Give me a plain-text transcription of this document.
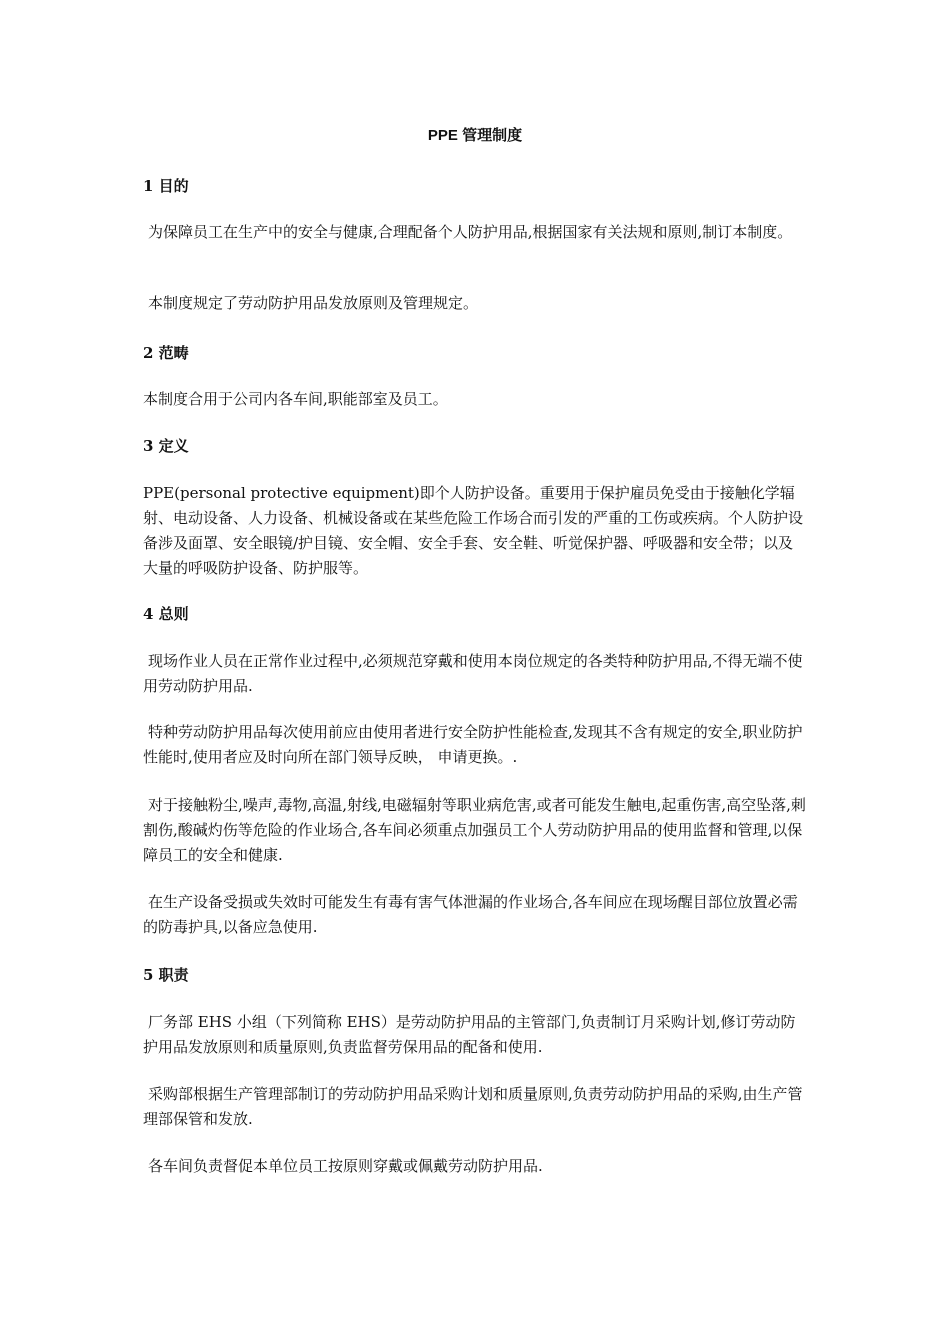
PPE 管理制度
1 目的
为保障员工在生产中的安全与健康,合理配备个人防护用品,根据国家有关法规和原则,制订本制度。
本制度规定了劳动防护用品发放原则及管理规定。
2 范畴
本制度合用于公司内各车间,职能部室及员工。
3 定义
PPE(personal protective equipment)即个人防护设备。重要用于保护雇员免受由于接触化学辐射、电动设备、人力设备、机械设备或在某些危险工作场合而引发的严重的工伤或疾病。个人防护设备涉及面罩、安全眼镜/护目镜、安全帽、安全手套、安全鞋、听觉保护器、呼吸器和安全带；以及大量的呼吸防护设备、防护服等。
4 总则
现场作业人员在正常作业过程中,必须规范穿戴和使用本岗位规定的各类特种防护用品,不得无端不使用劳动防护用品.
特种劳动防护用品每次使用前应由使用者进行安全防护性能检查,发现其不含有规定的安全,职业防护性能时,使用者应及时向所在部门领导反映， 申请更换。.
对于接触粉尘,噪声,毒物,高温,射线,电磁辐射等职业病危害,或者可能发生触电,起重伤害,高空坠落,刺割伤,酸碱灼伤等危险的作业场合,各车间必须重点加强员工个人劳动防护用品的使用监督和管理,以保障员工的安全和健康.
在生产设备受损或失效时可能发生有毒有害气体泄漏的作业场合,各车间应在现场醒目部位放置必需的防毒护具,以备应急使用.
5 职责
厂务部 EHS 小组（下列简称 EHS）是劳动防护用品的主管部门,负责制订月采购计划,修订劳动防护用品发放原则和质量原则,负责监督劳保用品的配备和使用.
采购部根据生产管理部制订的劳动防护用品采购计划和质量原则,负责劳动防护用品的采购,由生产管理部保管和发放.
各车间负责督促本单位员工按原则穿戴或佩戴劳动防护用品.
